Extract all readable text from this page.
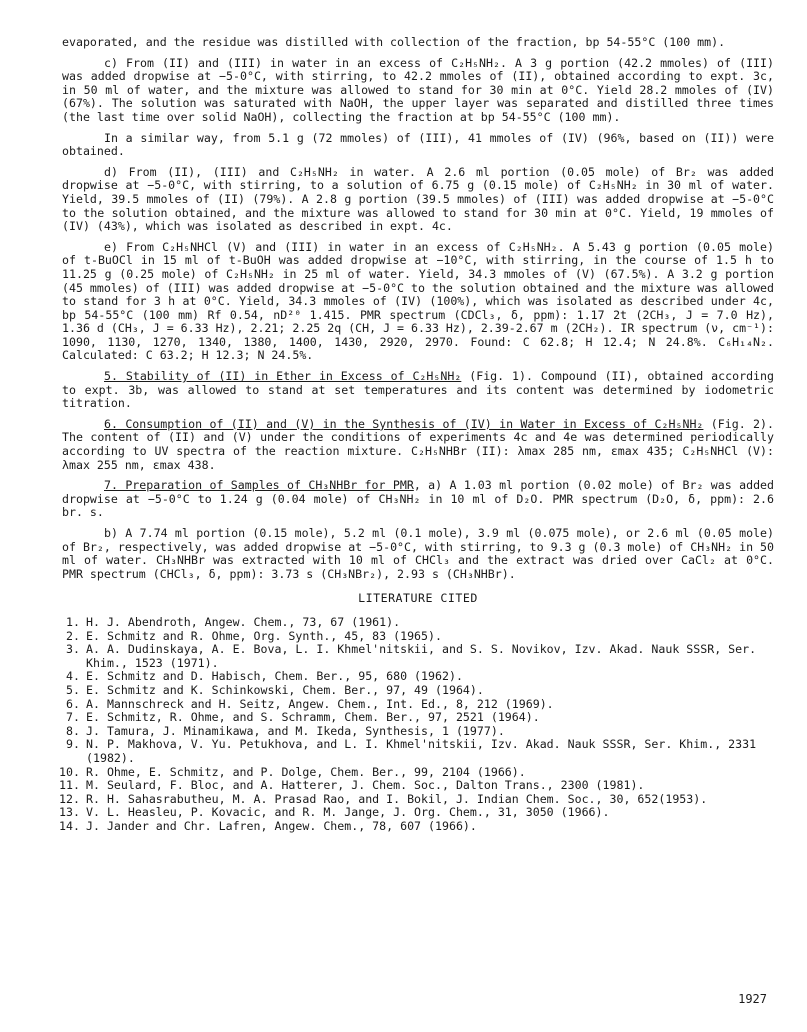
evaporated, and the residue was distilled with collection of the fraction, bp 54-55°C (100 mm).

c) From (II) and (III) in water in an excess of C₂H₅NH₂. A 3 g portion (42.2 mmoles) of (III) was added dropwise at −5-0°C, with stirring, to 42.2 mmoles of (II), obtained according to expt. 3c, in 50 ml of water, and the mixture was allowed to stand for 30 min at 0°C. Yield 28.2 mmoles of (IV) (67%). The solution was saturated with NaOH, the upper layer was separated and distilled three times (the last time over solid NaOH), collecting the fraction at bp 54-55°C (100 mm).

In a similar way, from 5.1 g (72 mmoles) of (III), 41 mmoles of (IV) (96%, based on (II)) were obtained.

d) From (II), (III) and C₂H₅NH₂ in water. A 2.6 ml portion (0.05 mole) of Br₂ was added dropwise at −5-0°C, with stirring, to a solution of 6.75 g (0.15 mole) of C₂H₅NH₂ in 30 ml of water. Yield, 39.5 mmoles of (II) (79%). A 2.8 g portion (39.5 mmoles) of (III) was added dropwise at −5-0°C to the solution obtained, and the mixture was allowed to stand for 30 min at 0°C. Yield, 19 mmoles of (IV) (43%), which was isolated as described in expt. 4c.

e) From C₂H₅NHCl (V) and (III) in water in an excess of C₂H₅NH₂. A 5.43 g portion (0.05 mole) of t-BuOCl in 15 ml of t-BuOH was added dropwise at −10°C, with stirring, in the course of 1.5 h to 11.25 g (0.25 mole) of C₂H₅NH₂ in 25 ml of water. Yield, 34.3 mmoles of (V) (67.5%). A 3.2 g portion (45 mmoles) of (III) was added dropwise at −5-0°C to the solution obtained and the mixture was allowed to stand for 3 h at 0°C. Yield, 34.3 mmoles of (IV) (100%), which was isolated as described under 4c, bp 54-55°C (100 mm) Rf 0.54, nD²⁰ 1.415. PMR spectrum (CDCl₃, δ, ppm): 1.17 2t (2CH₃, J = 7.0 Hz), 1.36 d (CH₃, J = 6.33 Hz), 2.21; 2.25 2q (CH, J = 6.33 Hz), 2.39-2.67 m (2CH₂). IR spectrum (ν, cm⁻¹): 1090, 1130, 1270, 1340, 1380, 1400, 1430, 2920, 2970. Found: C 62.8; H 12.4; N 24.8%. C₆H₁₄N₂. Calculated: C 63.2; H 12.3; N 24.5%.

5. Stability of (II) in Ether in Excess of C₂H₅NH₂ (Fig. 1). Compound (II), obtained according to expt. 3b, was allowed to stand at set temperatures and its content was determined by iodometric titration.

6. Consumption of (II) and (V) in the Synthesis of (IV) in Water in Excess of C₂H₅NH₂ (Fig. 2). The content of (II) and (V) under the conditions of experiments 4c and 4e was determined periodically according to UV spectra of the reaction mixture. C₂H₅NHBr (II): λmax 285 nm, εmax 435; C₂H₅NHCl (V): λmax 255 nm, εmax 438.

7. Preparation of Samples of CH₃NHBr for PMR, a) A 1.03 ml portion (0.02 mole) of Br₂ was added dropwise at −5-0°C to 1.24 g (0.04 mole) of CH₃NH₂ in 10 ml of D₂O. PMR spectrum (D₂O, δ, ppm): 2.6 br. s.

b) A 7.74 ml portion (0.15 mole), 5.2 ml (0.1 mole), 3.9 ml (0.075 mole), or 2.6 ml (0.05 mole) of Br₂, respectively, was added dropwise at −5-0°C, with stirring, to 9.3 g (0.3 mole) of CH₃NH₂ in 50 ml of water. CH₃NHBr was extracted with 10 ml of CHCl₃ and the extract was dried over CaCl₂ at 0°C. PMR spectrum (CHCl₃, δ, ppm): 3.73 s (CH₃NBr₂), 2.93 s (CH₃NHBr).

LITERATURE CITED
1. H. J. Abendroth, Angew. Chem., 73, 67 (1961).
2. E. Schmitz and R. Ohme, Org. Synth., 45, 83 (1965).
3. A. A. Dudinskaya, A. E. Bova, L. I. Khmel'nitskii, and S. S. Novikov, Izv. Akad. Nauk SSSR, Ser. Khim., 1523 (1971).
4. E. Schmitz and D. Habisch, Chem. Ber., 95, 680 (1962).
5. E. Schmitz and K. Schinkowski, Chem. Ber., 97, 49 (1964).
6. A. Mannschreck and H. Seitz, Angew. Chem., Int. Ed., 8, 212 (1969).
7. E. Schmitz, R. Ohme, and S. Schramm, Chem. Ber., 97, 2521 (1964).
8. J. Tamura, J. Minamikawa, and M. Ikeda, Synthesis, 1 (1977).
9. N. P. Makhova, V. Yu. Petukhova, and L. I. Khmel'nitskii, Izv. Akad. Nauk SSSR, Ser. Khim., 2331 (1982).
10. R. Ohme, E. Schmitz, and P. Dolge, Chem. Ber., 99, 2104 (1966).
11. M. Seulard, F. Bloc, and A. Hatterer, J. Chem. Soc., Dalton Trans., 2300 (1981).
12. R. H. Sahasrabutheu, M. A. Prasad Rao, and I. Bokil, J. Indian Chem. Soc., 30, 652(1953).
13. V. L. Heasleu, P. Kovacic, and R. M. Jange, J. Org. Chem., 31, 3050 (1966).
14. J. Jander and Chr. Lafren, Angew. Chem., 78, 607 (1966).
1927
